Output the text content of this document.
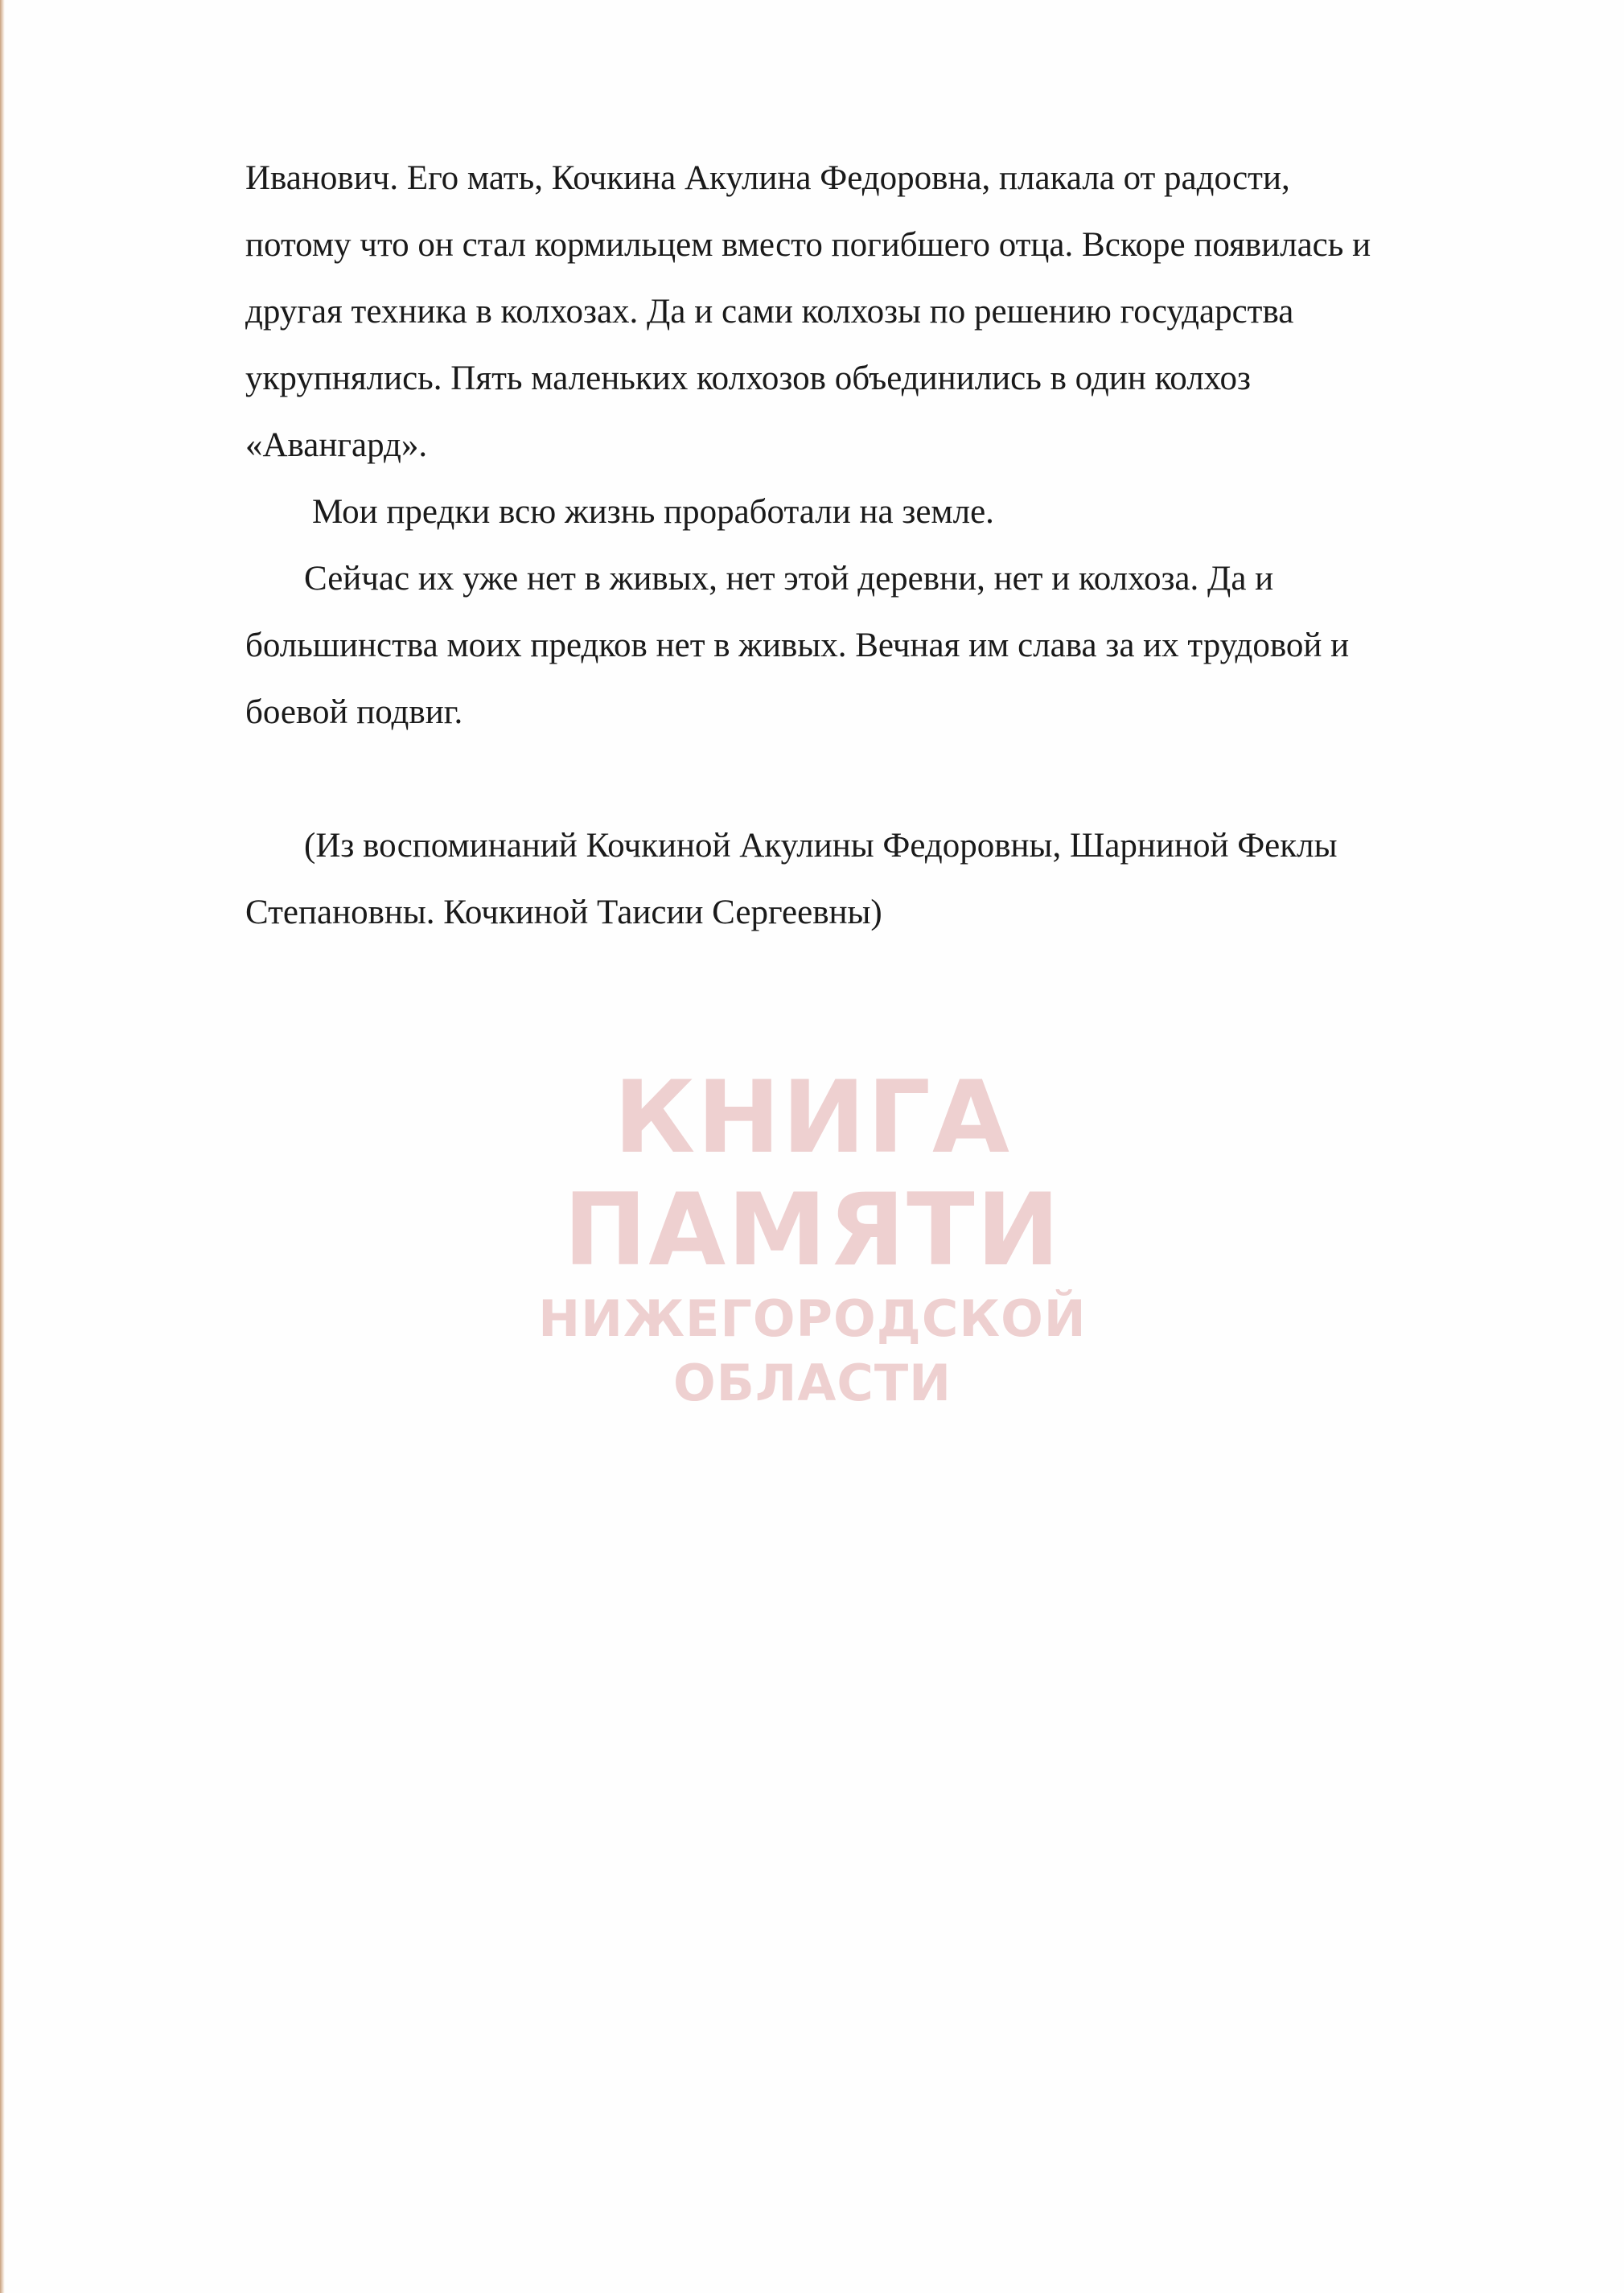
Иванович. Его мать, Кочкина Акулина Федоровна, плакала от радости,
потому что он стал кормильцем вместо погибшего отца. Вскоре появилась и
другая техника в колхозах. Да и сами колхозы по решению государства
укрупнялись. Пять маленьких колхозов объединились в один колхоз
«Авангард».
Мои предки всю жизнь проработали на земле.
Сейчас их уже нет в живых, нет этой деревни, нет и колхоза. Да и
большинства моих предков нет в живых. Вечная им слава за их трудовой и
боевой подвиг.
(Из воспоминаний Кочкиной Акулины Федоровны, Шарниной Феклы
Степановны. Кочкиной Таисии Сергеевны)
КНИГА ПАМЯТИ
НИЖЕГОРОДСКОЙ ОБЛАСТИ
